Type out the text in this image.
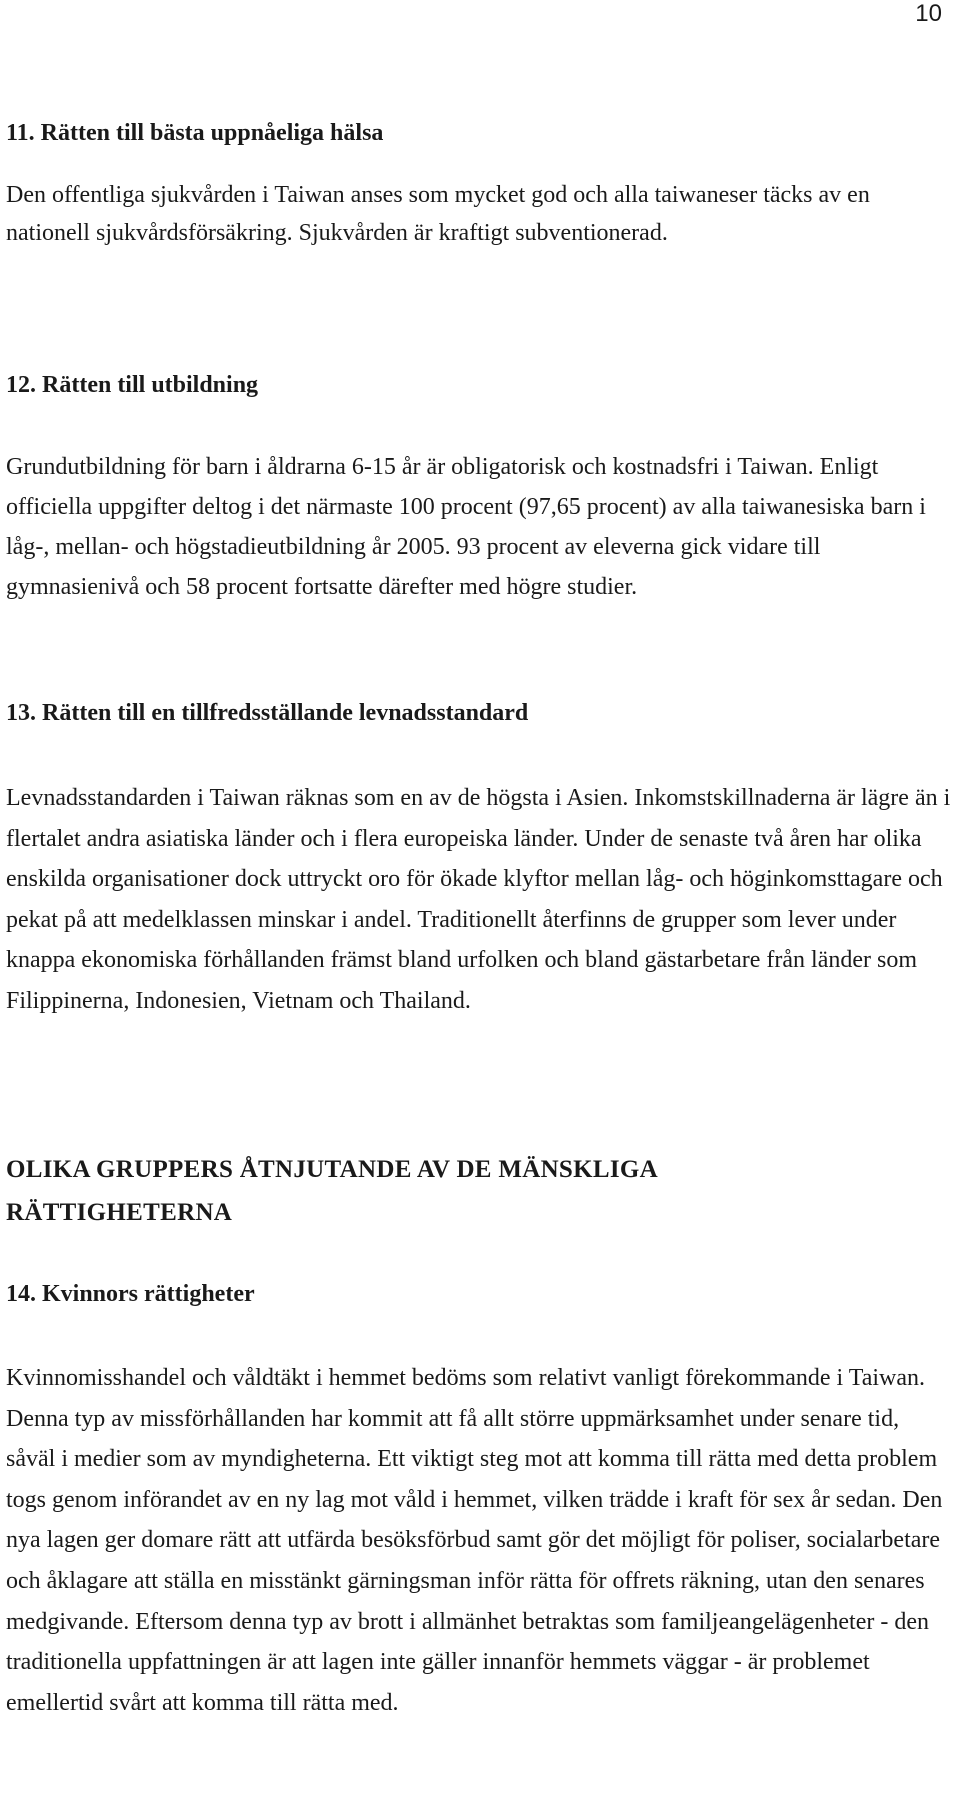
10
11. Rätten till bästa uppnåeliga hälsa

Den offentliga sjukvården i Taiwan anses som mycket god och alla taiwaneser täcks av en nationell sjukvårdsförsäkring. Sjukvården är kraftigt subventionerad.

12. Rätten till utbildning

Grundutbildning för barn i åldrarna 6-15 år är obligatorisk och kostnadsfri i Taiwan. Enligt officiella uppgifter deltog i det närmaste 100 procent (97,65 procent) av alla taiwanesiska barn i låg-, mellan- och högstadieutbildning år 2005. 93 procent av eleverna gick vidare till gymnasienivå och 58 procent fortsatte därefter med högre studier.

13. Rätten till en tillfredsställande levnadsstandard

Levnadsstandarden i Taiwan räknas som en av de högsta i Asien. Inkomstskillnaderna är lägre än i flertalet andra asiatiska länder och i flera europeiska länder. Under de senaste två åren har olika enskilda organisationer dock uttryckt oro för ökade klyftor mellan låg- och höginkomsttagare och pekat på att medelklassen minskar i andel. Traditionellt återfinns de grupper som lever under knappa ekonomiska förhållanden främst bland urfolken och bland gästarbetare från länder som Filippinerna, Indonesien, Vietnam och Thailand.

OLIKA GRUPPERS ÅTNJUTANDE AV DE MÄNSKLIGA RÄTTIGHETERNA
14. Kvinnors rättigheter

Kvinnomisshandel och våldtäkt i hemmet bedöms som relativt vanligt förekommande i Taiwan. Denna typ av missförhållanden har kommit att få allt större uppmärksamhet under senare tid, såväl i medier som av myndigheterna. Ett viktigt steg mot att komma till rätta med detta problem togs genom införandet av en ny lag mot våld i hemmet, vilken trädde i kraft för sex år sedan. Den nya lagen ger domare rätt att utfärda besöksförbud samt gör det möjligt för poliser, socialarbetare och åklagare att ställa en misstänkt gärningsman inför rätta för offrets räkning, utan den senares medgivande. Eftersom denna typ av brott i allmänhet betraktas som familjeangelägenheter - den traditionella uppfattningen är att lagen inte gäller innanför hemmets väggar - är problemet emellertid svårt att komma till rätta med.
